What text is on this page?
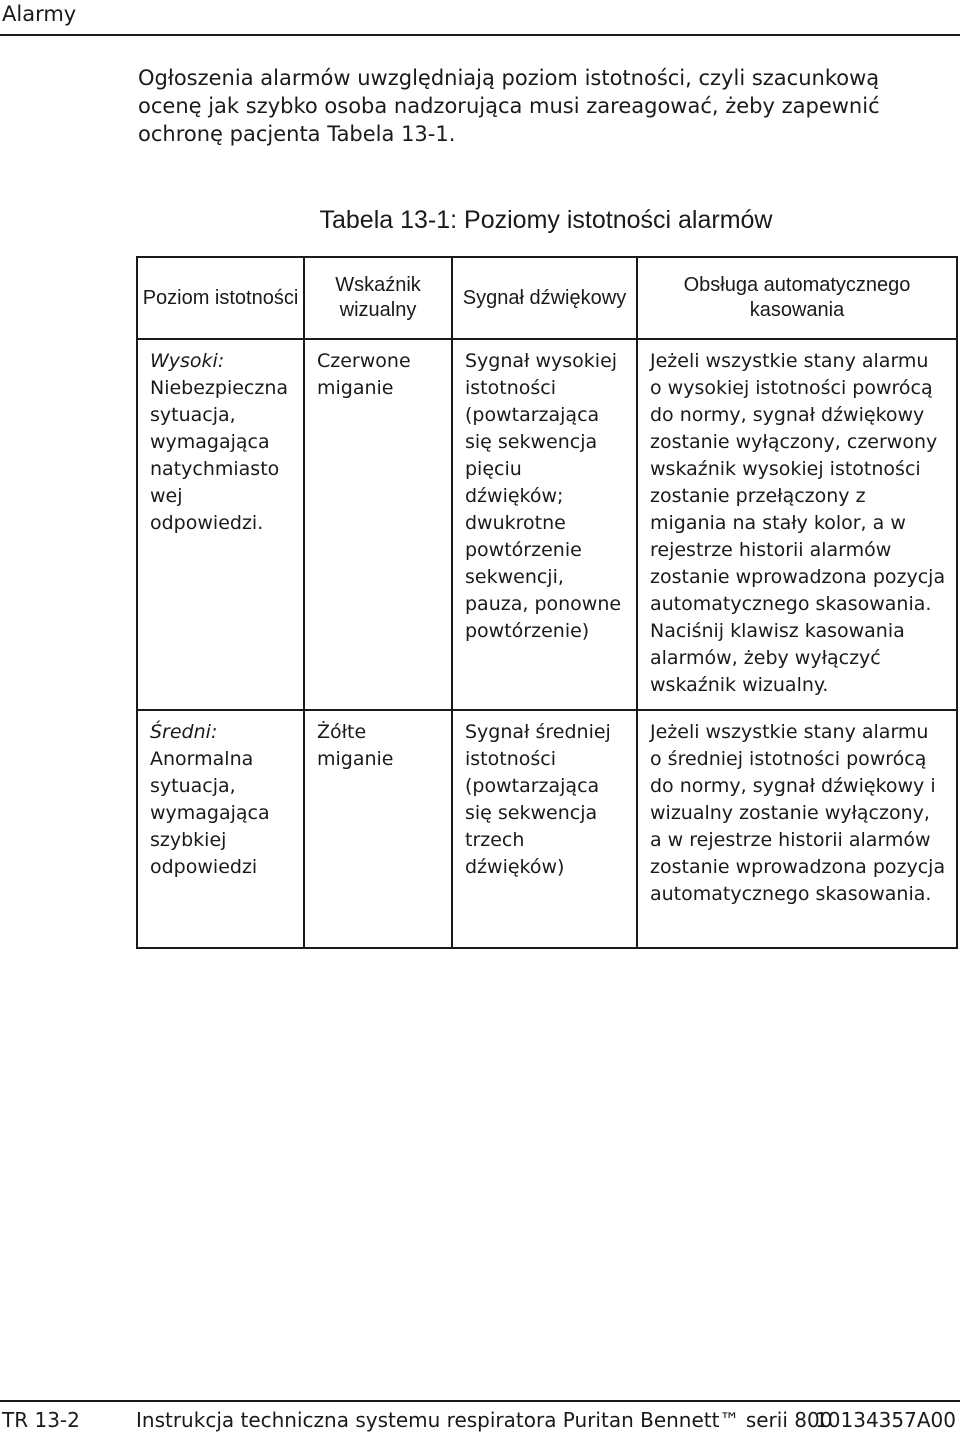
Alarmy

Ogłoszenia alarmów uwzględniają poziom istotności, czyli szacunkową ocenę jak szybko osoba nadzorująca musi zareagować, żeby zapewnić ochronę pacjenta Tabela 13-1.

Tabela 13-1: Poziomy istotności alarmów
Poziom istotności	Wskaźnik wizualny	Sygnał dźwiękowy	Obsługa automatycznego kasowania

Wysoki:
Niebezpieczna sytuacja, wymagająca natychmiasto wej odpowiedzi.	Czerwone miganie	Sygnał wysokiej istotności (powtarzająca się sekwencja pięciu dźwięków; dwukrotne powtórzenie sekwencji, pauza, ponowne powtórzenie)	Jeżeli wszystkie stany alarmu o wysokiej istotności powrócą do normy, sygnał dźwiękowy zostanie wyłączony, czerwony wskaźnik wysokiej istotności zostanie przełączony z migania na stały kolor, a w rejestrze historii alarmów zostanie wprowadzona pozycja automatycznego skasowania. Naciśnij klawisz kasowania alarmów, żeby wyłączyć wskaźnik wizualny.

Średni:
Anormalna sytuacja, wymagająca szybkiej odpowiedzi	Żółte miganie	Sygnał średniej istotności (powtarzająca się sekwencja trzech dźwięków)	Jeżeli wszystkie stany alarmu o średniej istotności powrócą do normy, sygnał dźwiękowy i wizualny zostanie wyłączony, a w rejestrze historii alarmów zostanie wprowadzona pozycja automatycznego skasowania.
TR 13-2	Instrukcja techniczna systemu respiratora Puritan Bennett™ serii 800
10134357A00
